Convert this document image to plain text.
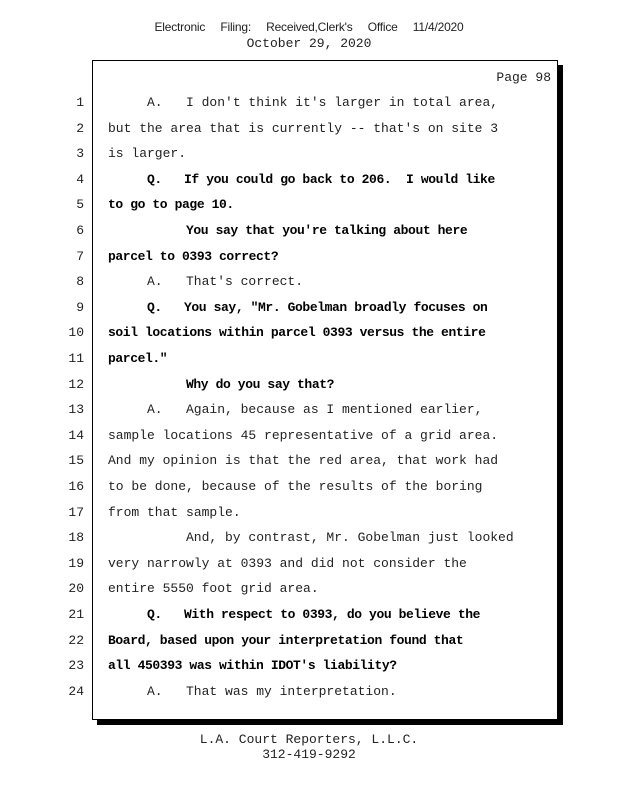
Electronic Filing: Received,Clerk's Office 11/4/2020
October 29, 2020
Page 98
1	A.   I don't think it's larger in total area,
2 but the area that is currently -- that's on site 3
3 is larger.
4	Q.   If you could go back to 206.  I would like
5 to go to page 10.
6	You say that you're talking about here
7 parcel to 0393 correct?
8	A.   That's correct.
9	Q.   You say, "Mr. Gobelman broadly focuses on
10 soil locations within parcel 0393 versus the entire
11 parcel."
12	Why do you say that?
13	A.   Again, because as I mentioned earlier,
14 sample locations 45 representative of a grid area.
15 And my opinion is that the red area, that work had
16 to be done, because of the results of the boring
17 from that sample.
18	And, by contrast, Mr. Gobelman just looked
19 very narrowly at 0393 and did not consider the
20 entire 5550 foot grid area.
21	Q.   With respect to 0393, do you believe the
22 Board, based upon your interpretation found that
23 all 450393 was within IDOT's liability?
24	A.   That was my interpretation.
L.A. Court Reporters, L.L.C.
312-419-9292
